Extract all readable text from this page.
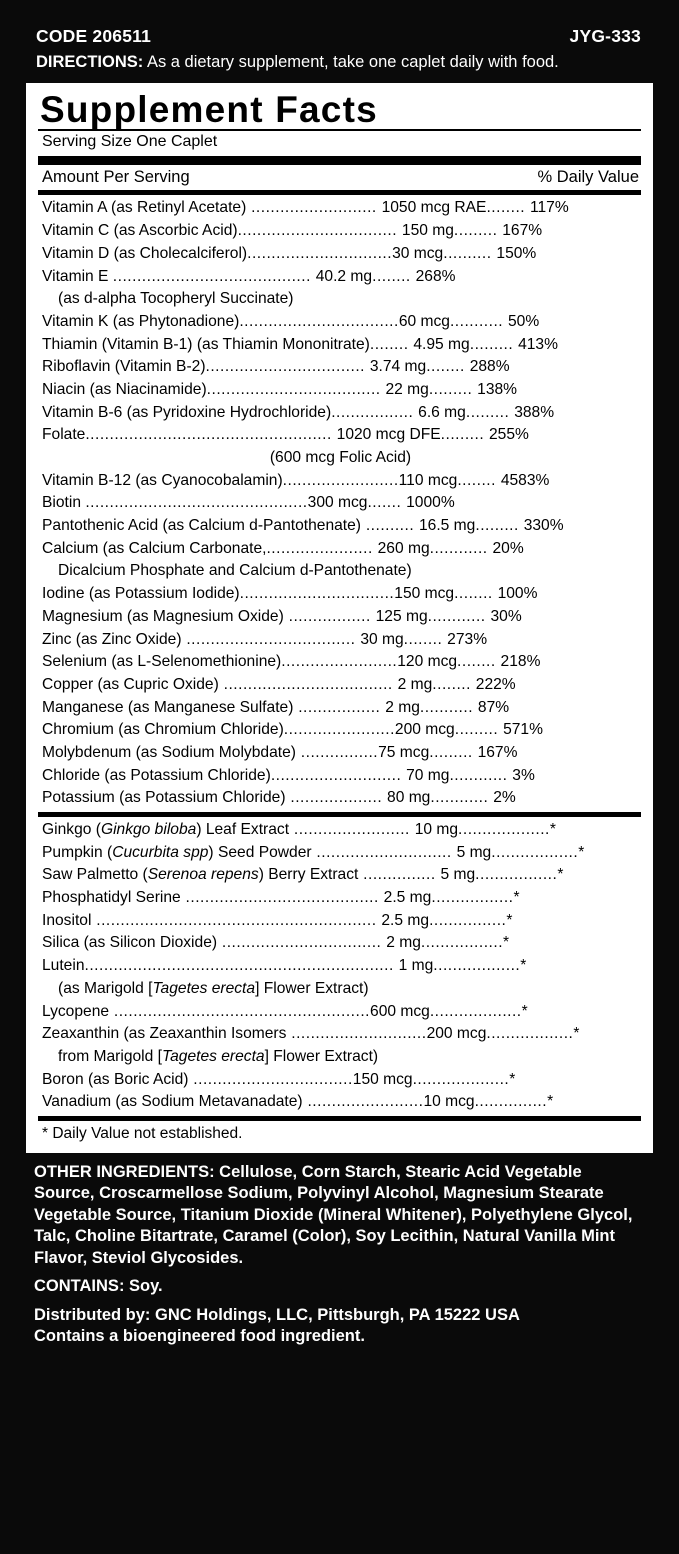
CODE 206511	JYG-333
DIRECTIONS: As a dietary supplement, take one caplet daily with food.
Supplement Facts
Serving Size One Caplet
Amount Per Serving	% Daily Value
Vitamin A (as Retinyl Acetate) .......................... 1050 mcg RAE........ 117%
Vitamin C (as Ascorbic Acid)................................. 150 mg......... 167%
Vitamin D (as Cholecalciferol)..............................30 mcg.......... 150%
Vitamin E ......................................... 40.2 mg........ 268%
(as d-alpha Tocopheryl Succinate)
Vitamin K (as Phytonadione).................................60 mcg........... 50%
Thiamin (Vitamin B-1) (as Thiamin Mononitrate)........ 4.95 mg......... 413%
Riboflavin (Vitamin B-2)................................. 3.74 mg........ 288%
Niacin (as Niacinamide).................................... 22 mg......... 138%
Vitamin B-6 (as Pyridoxine Hydrochloride)................. 6.6 mg......... 388%
Folate................................................... 1020 mcg DFE......... 255%
(600 mcg Folic Acid)
Vitamin B-12 (as Cyanocobalamin)........................110 mcg........ 4583%
Biotin ..............................................300 mcg....... 1000%
Pantothenic Acid (as Calcium d-Pantothenate) .......... 16.5 mg......... 330%
Calcium (as Calcium Carbonate,...................... 260 mg............ 20%
Dicalcium Phosphate and Calcium d-Pantothenate)
Iodine (as Potassium Iodide)................................150 mcg........ 100%
Magnesium (as Magnesium Oxide) ................. 125 mg............ 30%
Zinc (as Zinc Oxide) ................................... 30 mg........ 273%
Selenium (as L-Selenomethionine)........................120 mcg........ 218%
Copper (as Cupric Oxide) ................................... 2 mg........ 222%
Manganese (as Manganese Sulfate) ................. 2 mg........... 87%
Chromium (as Chromium Chloride).......................200 mcg......... 571%
Molybdenum (as Sodium Molybdate) ................75 mcg......... 167%
Chloride (as Potassium Chloride)........................... 70 mg............ 3%
Potassium (as Potassium Chloride) ................... 80 mg............ 2%
Ginkgo (Ginkgo biloba) Leaf Extract ........................ 10 mg...................*
Pumpkin (Cucurbita spp) Seed Powder ............................ 5 mg..................*
Saw Palmetto (Serenoa repens) Berry Extract ............... 5 mg.................*
Phosphatidyl Serine ........................................ 2.5 mg.................*
Inositol .......................................................... 2.5 mg................*
Silica (as Silicon Dioxide) ................................. 2 mg.................*
Lutein................................................................ 1 mg..................*
(as Marigold [Tagetes erecta] Flower Extract)
Lycopene .....................................................600 mcg...................*
Zeaxanthin (as Zeaxanthin Isomers ............................200 mcg..................*
from Marigold [Tagetes erecta] Flower Extract)
Boron (as Boric Acid) .................................150 mcg....................*
Vanadium (as Sodium Metavanadate) ........................10 mcg...............*
* Daily Value not established.

OTHER INGREDIENTS: Cellulose, Corn Starch, Stearic Acid Vegetable Source, Croscarmellose Sodium, Polyvinyl Alcohol, Magnesium Stearate Vegetable Source, Titanium Dioxide (Mineral Whitener), Polyethylene Glycol, Talc, Choline Bitartrate, Caramel (Color), Soy Lecithin, Natural Vanilla Mint Flavor, Steviol Glycosides.

CONTAINS: Soy.

Distributed by: GNC Holdings, LLC, Pittsburgh, PA 15222 USA

Contains a bioengineered food ingredient.
